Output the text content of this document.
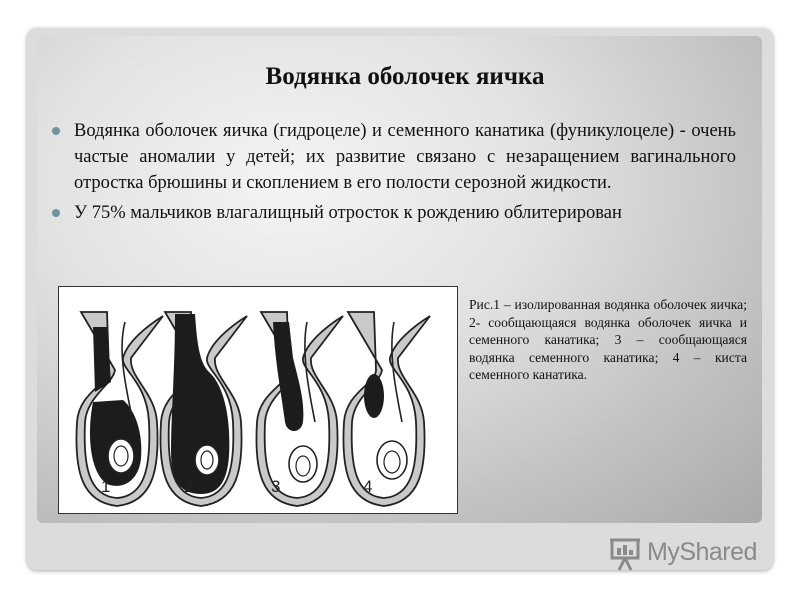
Водянка оболочек яичка
Водянка оболочек яичка (гидроцеле) и семенного канатика (фуникулоцеле) - очень частые аномалии у детей; их развитие связано с незаращением вагинального отростка брюшины и скоплением в его полости серозной жидкости.
У 75% мальчиков влагалищный отросток к рождению облитерирован
1	2	3	4
Рис.1 – изолированная водянка оболочек яичка; 2- сообщающаяся водянка оболочек яичка и семенного канатика; 3 – сообщающаяся водянка семенного канатика; 4 – киста семенного канатика.
MyShared
